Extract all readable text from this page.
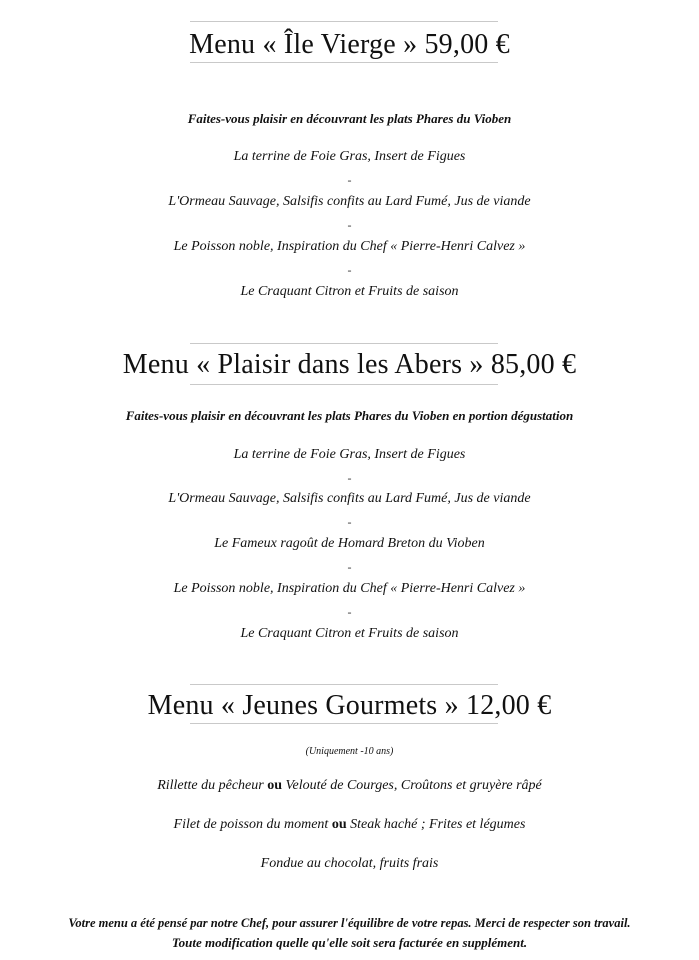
Menu « Île Vierge » 59,00 €
Faites-vous plaisir en découvrant les plats Phares du Vioben
La terrine de Foie Gras, Insert de Figues
-
L'Ormeau Sauvage, Salsifis confits au Lard Fumé, Jus de viande
-
Le Poisson noble, Inspiration du Chef « Pierre-Henri Calvez »
-
Le Craquant Citron et Fruits de saison
Menu « Plaisir dans les Abers » 85,00 €
Faites-vous plaisir en découvrant les plats Phares du Vioben en portion dégustation
La terrine de Foie Gras, Insert de Figues
-
L'Ormeau Sauvage, Salsifis confits au Lard Fumé, Jus de viande
-
Le Fameux ragoût de Homard Breton du Vioben
-
Le Poisson noble, Inspiration du Chef « Pierre-Henri Calvez »
-
Le Craquant Citron et Fruits de saison
Menu « Jeunes Gourmets » 12,00 €
(Uniquement -10 ans)
Rillette du pêcheur ou Velouté de Courges, Croûtons et gruyère râpé
Filet de poisson du moment ou Steak haché ; Frites et légumes
Fondue au chocolat, fruits frais
Votre menu a été pensé par notre Chef, pour assurer l'équilibre de votre repas. Merci de respecter son travail.
Toute modification quelle qu'elle soit sera facturée en supplément.
